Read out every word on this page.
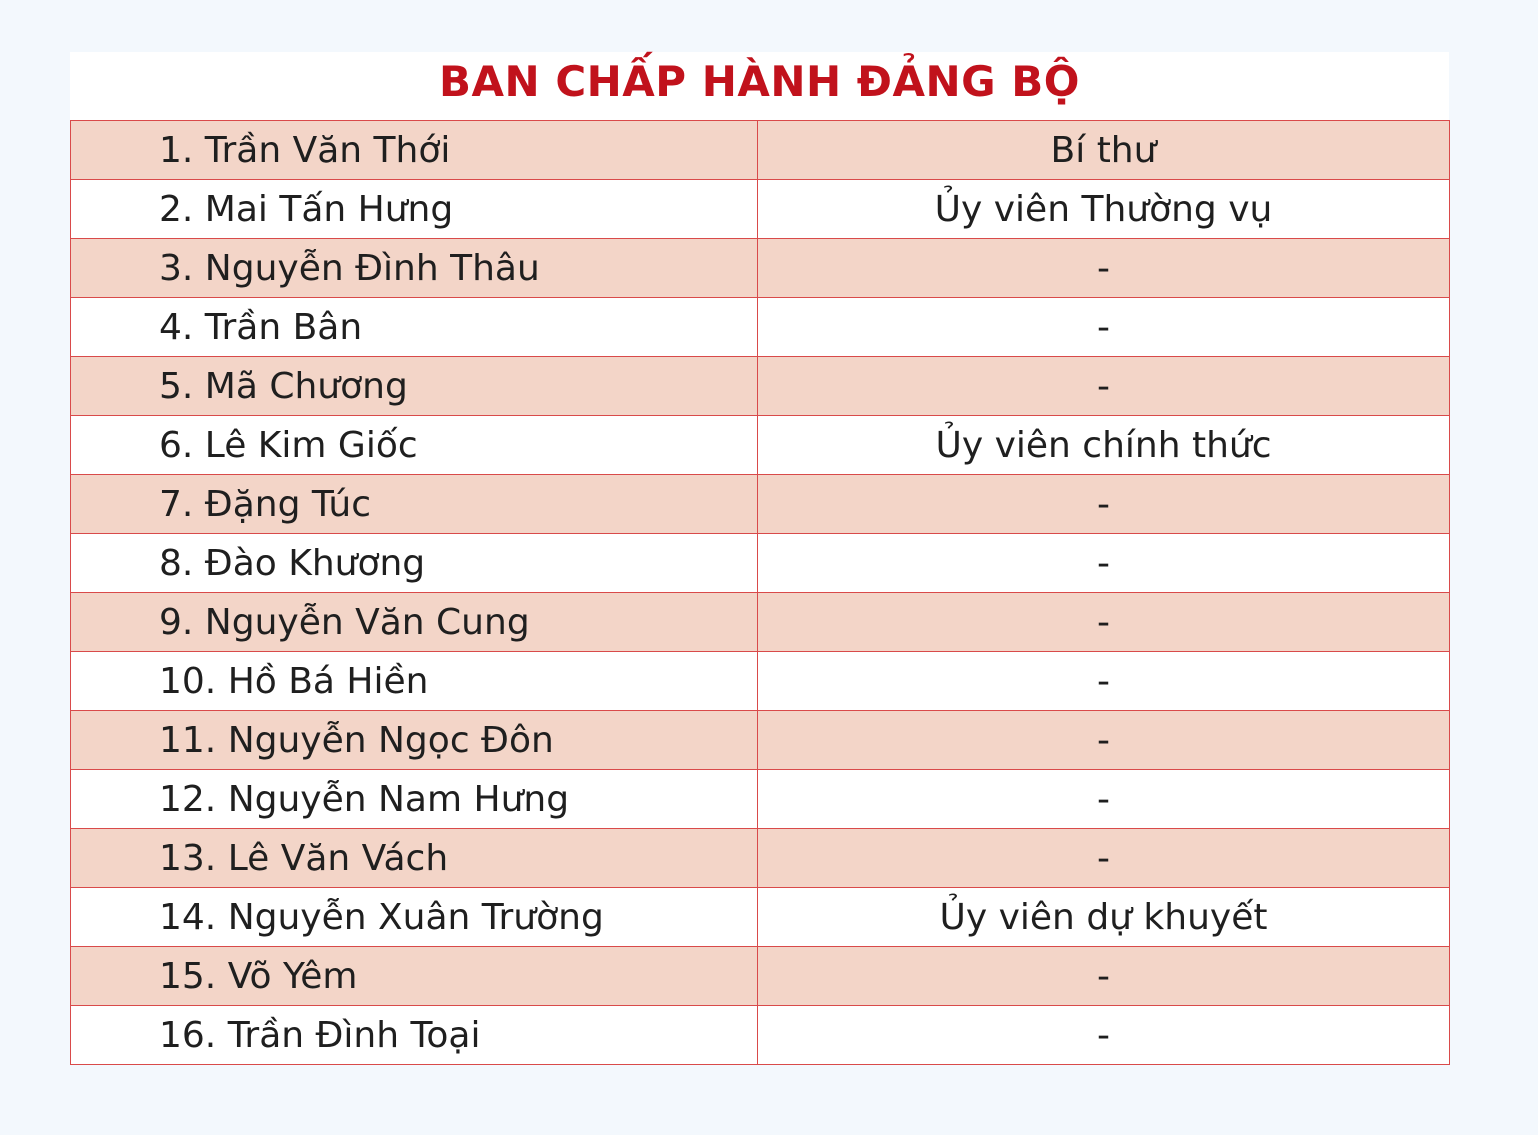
BAN CHẤP HÀNH ĐẢNG BỘ
1. Trần Văn Thới	Bí thư
2. Mai Tấn Hưng	Ủy viên Thường vụ
3. Nguyễn Đình Thâu	-
4. Trần Bân	-
5. Mã Chương	-
6. Lê Kim Giốc	Ủy viên chính thức
7. Đặng Túc	-
8. Đào Khương	-
9. Nguyễn Văn Cung	-
10. Hồ Bá Hiền	-
11. Nguyễn Ngọc Đôn	-
12. Nguyễn Nam Hưng	-
13. Lê Văn Vách	-
14. Nguyễn Xuân Trường	Ủy viên dự khuyết
15. Võ Yêm	-
16. Trần Đình Toại	-
